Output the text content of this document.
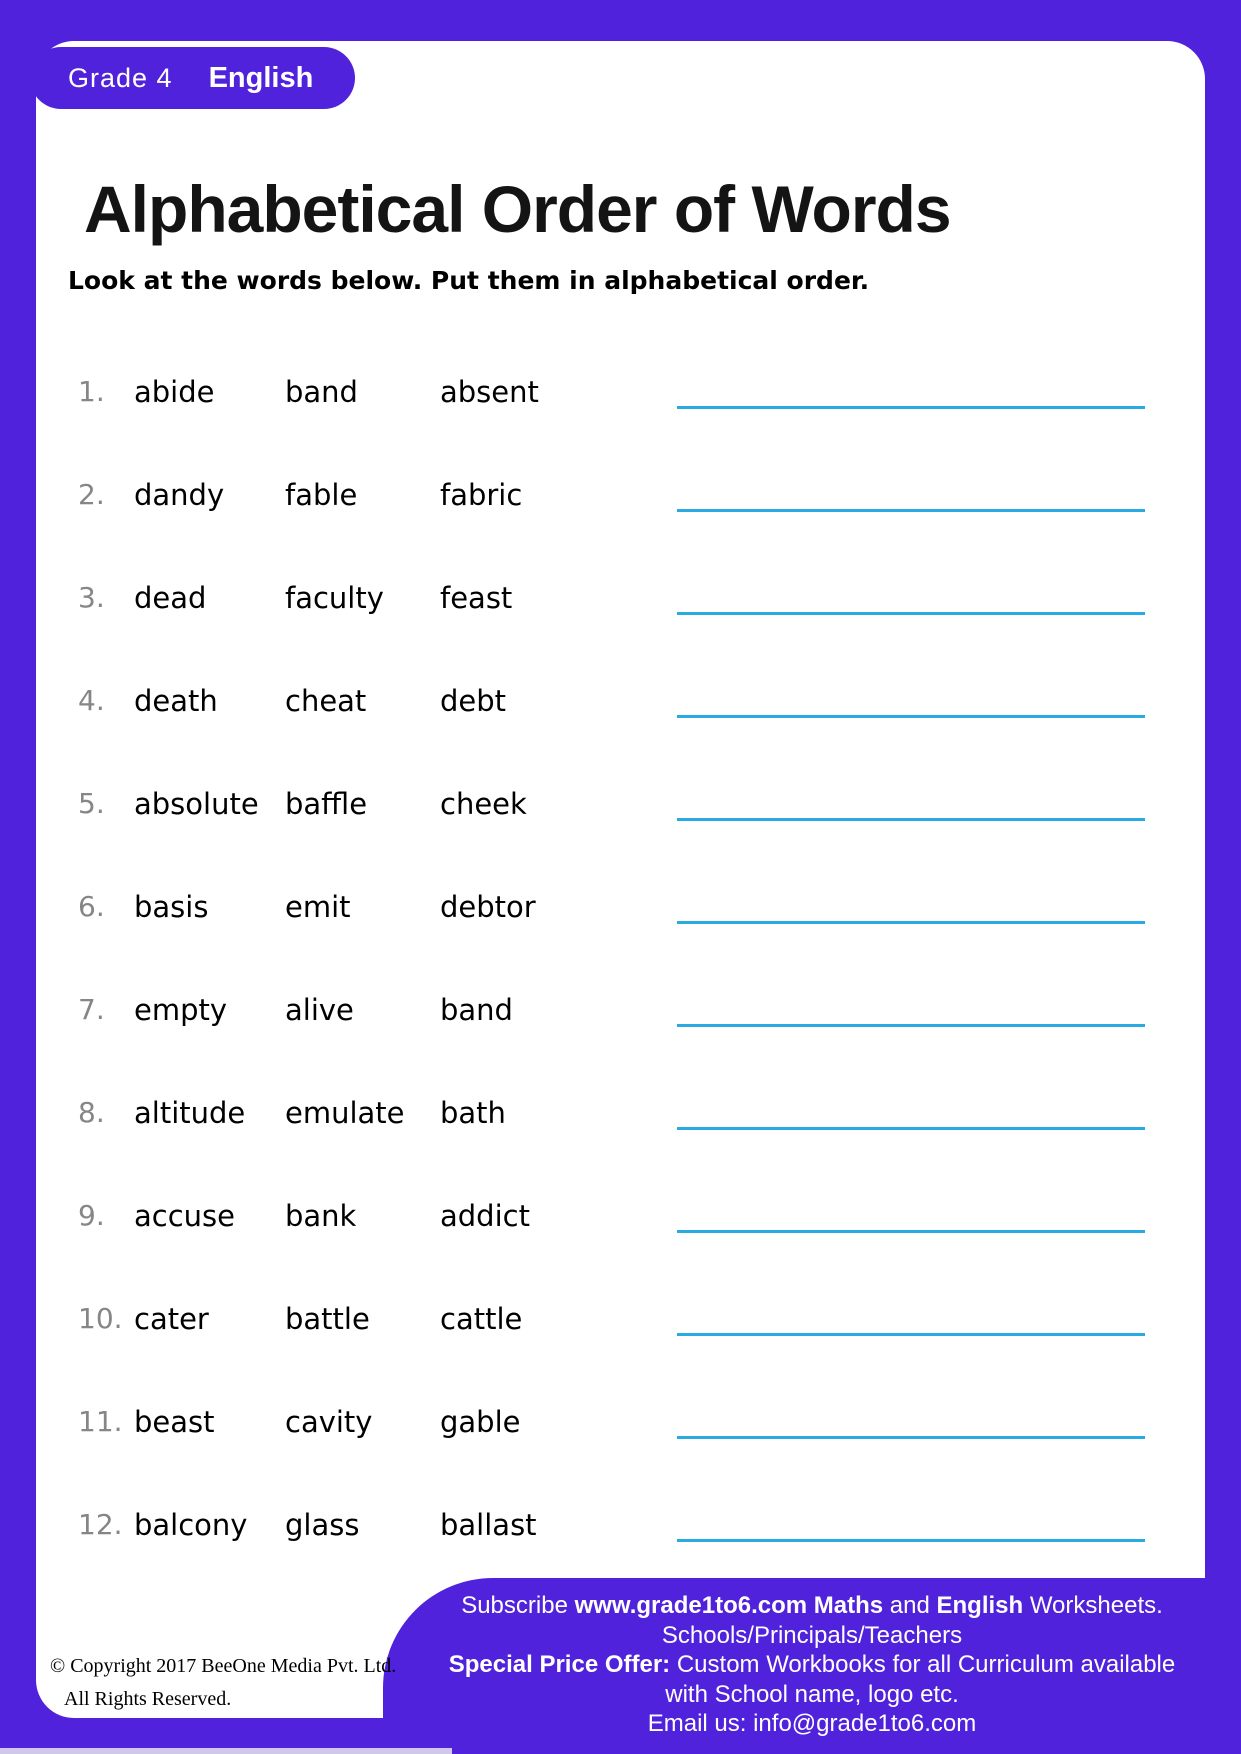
Alphabetical Order of Words
Look at the words below. Put them in alphabetical order.
1.	abide band	absent
2.	dandy fable	fabric
3.	dead	faculty feast
4.	death cheat	debt
5.	absolute baffle	cheek
6.	basis	emit	debtor
7.	empty alive	band
8.	altitude emulate bath
9.	accuse bank	addict
10. cater	battle cattle
11. beast cavity gable
12. balcony glass	ballast
Grade 4 English
Subscribe www.grade1to6.com Maths and English Worksheets.
Schools/Principals/Teachers
Special Price Offer: Custom Workbooks for all Curriculum available
with School name, logo etc.
Email us: info@grade1to6.com
© Copyright 2017 BeeOne Media Pvt. Ltd.
All Rights Reserved.
